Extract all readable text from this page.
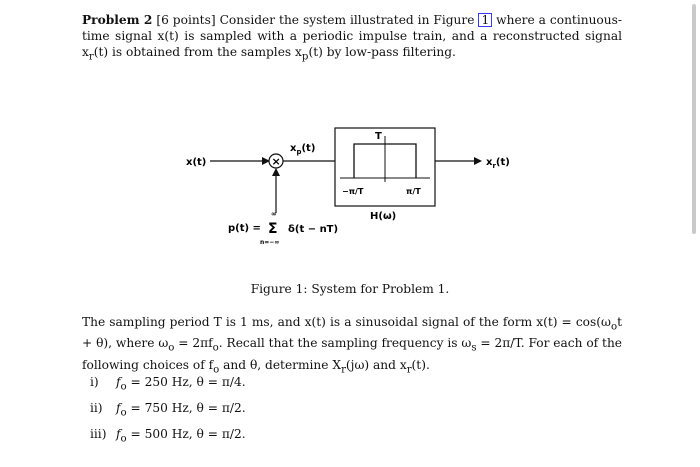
Problem 2 [6 points] Consider the system illustrated in Figure 1 where a continuous-time signal x(t) is sampled with a periodic impulse train, and a reconstructed signal $x_r(t)$ is obtained from the samples $x_p(t)$ by low-pass filtering.
x(t)	×
$x_p(t)$
T
−π/T	π/T
H(ω)
$x_r(t)$
p(t) =
∞
Σ
n=−∞
δ(t − nT)
Figure 1: System for Problem 1.
The sampling period T is 1 ms, and x(t) is a sinusoidal signal of the form $x(t) = \cos(\omega_ot + \theta)$, where $\omega_o = 2\pi f_o$. Recall that the sampling frequency is $\omega_s = 2\pi/T$. For each of the following choices of $f_o$ and θ, determine $X_r(j\omega)$ and $x_r(t)$.
i) $f_o = 250$ Hz, θ = π/4.
ii) $f_o = 750$ Hz, θ = π/2.
iii) $f_o = 500$ Hz, θ = π/2.
